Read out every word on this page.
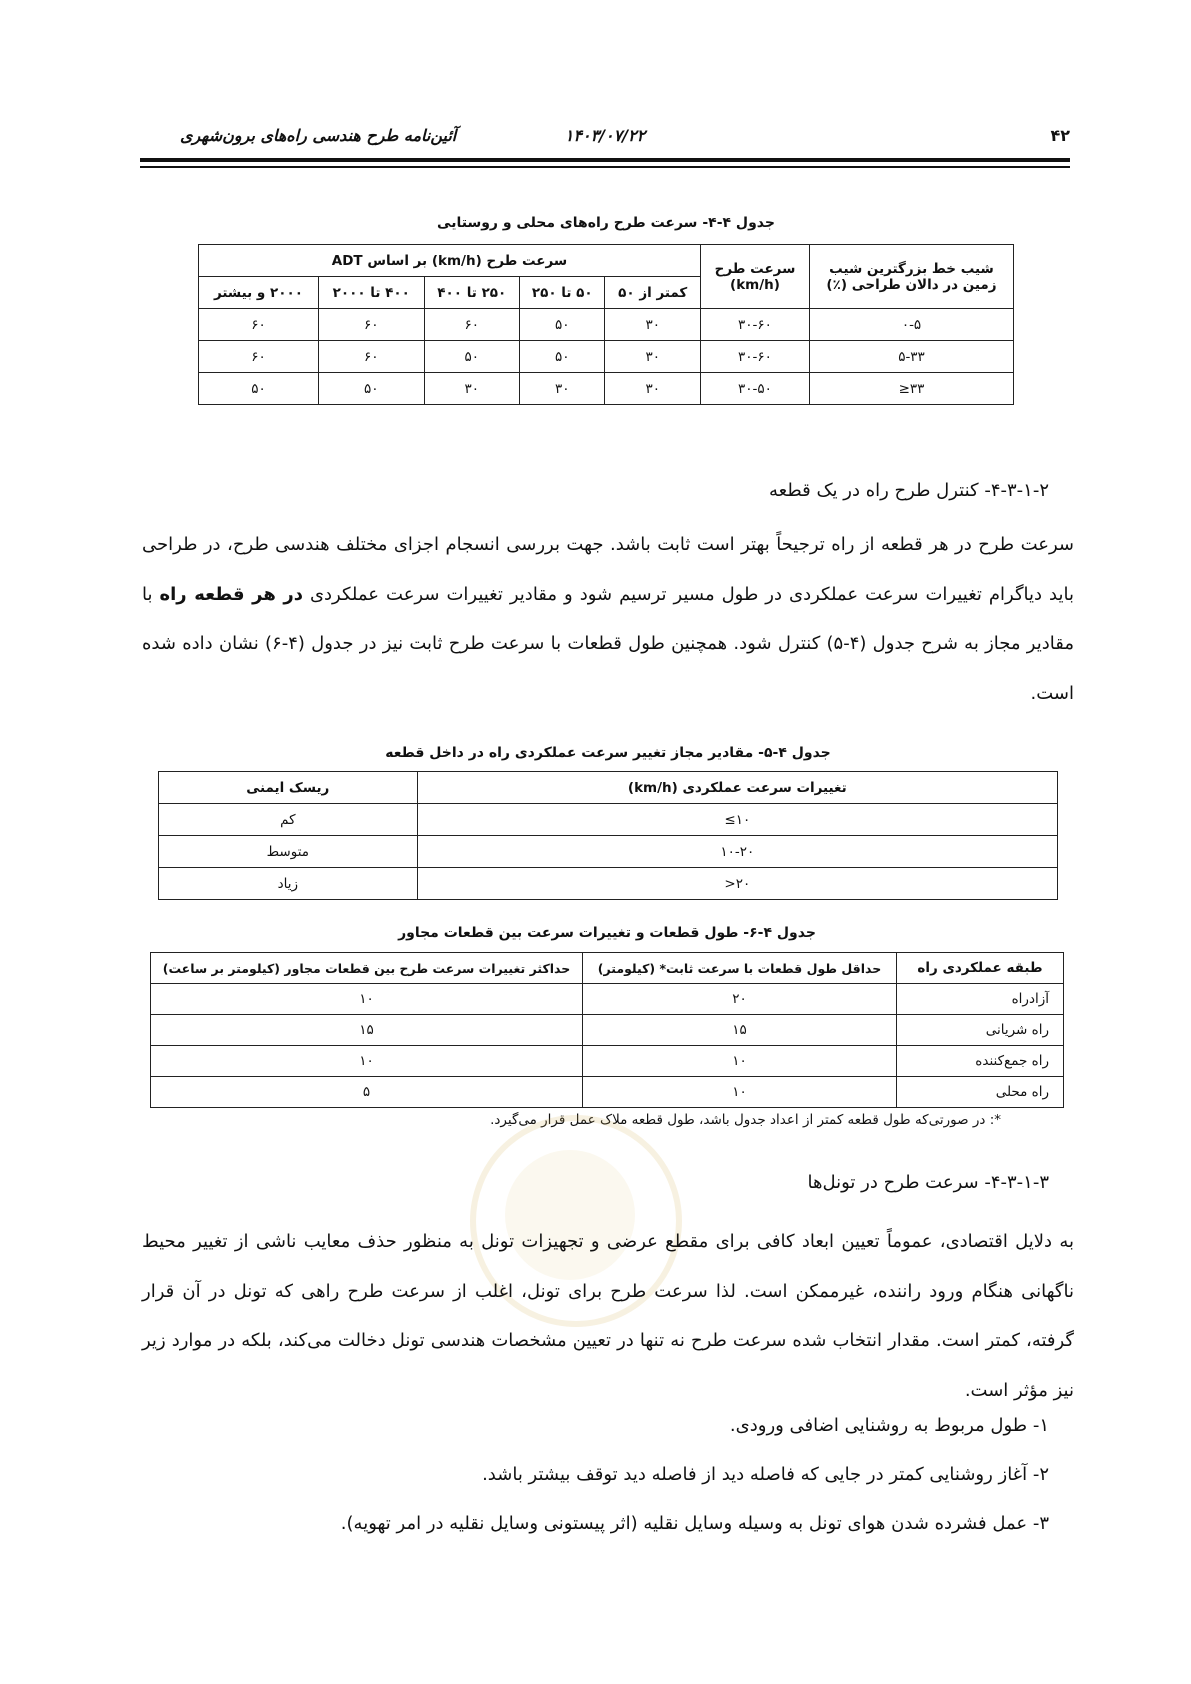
۴۲
۱۴۰۳/۰۷/۲۲
آئین‌نامه طرح هندسی راه‌های برون‌شهری
جدول ۴-۴- سرعت طرح راه‌های محلی و روستایی
شیب خط بزرگترین شیب زمین در دالان طراحی (٪)	سرعت طرح (km/h)	سرعت طرح (km/h) بر اساس ADT				
		کمتر از ۵۰	۵۰ تا ۲۵۰	۲۵۰ تا ۴۰۰	۴۰۰ تا ۲۰۰۰	۲۰۰۰ و بیشتر
۰-۵	۳۰-۶۰	۳۰	۵۰	۶۰	۶۰	۶۰
۵-۳۳	۳۰-۶۰	۳۰	۵۰	۵۰	۶۰	۶۰
۳۳≤	۳۰-۵۰	۳۰	۳۰	۳۰	۵۰	۵۰
۴-۳-۱-۲- کنترل طرح راه در یک قطعه
سرعت طرح در هر قطعه از راه ترجیحاً بهتر است ثابت باشد. جهت بررسی انسجام اجزای مختلف هندسی طرح، در طراحی باید دیاگرام تغییرات سرعت عملکردی در طول مسیر ترسیم شود و مقادیر تغییرات سرعت عملکردی در هر قطعه راه با مقادیر مجاز به شرح جدول (۴-۵) کنترل شود. همچنین طول قطعات با سرعت طرح ثابت نیز در جدول (۴-۶) نشان داده شده است.
جدول ۴-۵- مقادیر مجاز تغییر سرعت عملکردی راه در داخل قطعه
تغییرات سرعت عملکردی (km/h)	ریسک ایمنی
۱۰≥	کم
۱۰-۲۰	متوسط
۲۰<	زیاد
جدول ۴-۶- طول قطعات و تغییرات سرعت بین قطعات مجاور
طبقه عملکردی راه	حداقل طول قطعات با سرعت ثابت* (کیلومتر)	حداکثر تغییرات سرعت طرح بین قطعات مجاور (کیلومتر بر ساعت)
آزادراه	۲۰	۱۰
راه شریانی	۱۵	۱۵
راه جمع‌کننده	۱۰	۱۰
راه محلی	۱۰	۵
*: در صورتی‌که طول قطعه کمتر از اعداد جدول باشد، طول قطعه ملاک عمل قرار می‌گیرد.
۴-۳-۱-۳- سرعت طرح در تونل‌ها
به دلایل اقتصادی، عموماً تعیین ابعاد کافی برای مقطع عرضی و تجهیزات تونل به منظور حذف معایب ناشی از تغییر محیط ناگهانی هنگام ورود راننده، غیرممکن است. لذا سرعت طرح برای تونل، اغلب از سرعت طرح راهی که تونل در آن قرار گرفته، کمتر است. مقدار انتخاب شده سرعت طرح نه تنها در تعیین مشخصات هندسی تونل دخالت می‌کند، بلکه در موارد زیر نیز مؤثر است.
۱- طول مربوط به روشنایی اضافی ورودی.
۲- آغاز روشنایی کمتر در جایی که فاصله دید از فاصله دید توقف بیشتر باشد.
۳- عمل فشرده شدن هوای تونل به وسیله وسایل نقلیه (اثر پیستونی وسایل نقلیه در امر تهویه).
